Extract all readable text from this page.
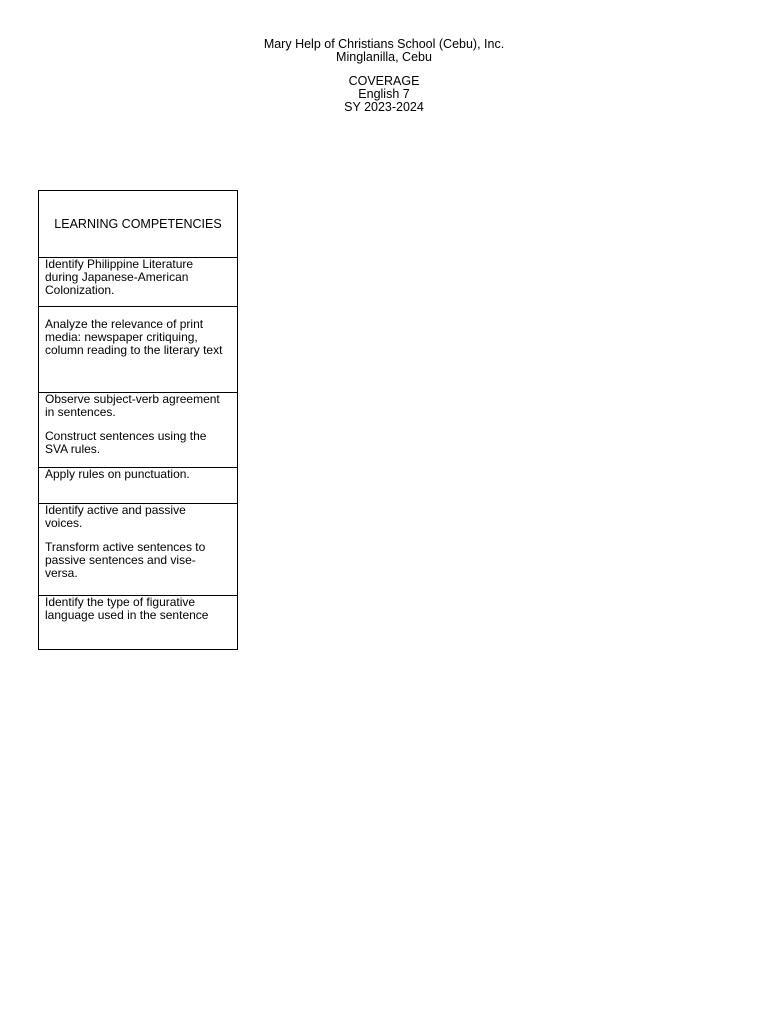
Mary Help of Christians School (Cebu), Inc.
Minglanilla, Cebu
COVERAGE
English 7
SY 2023-2024
LEARNING COMPETENCIES

Identify Philippine Literature
during Japanese-American
Colonization.

Analyze the relevance of print
media: newspaper critiquing,
column reading to the literary text

Observe subject-verb agreement
in sentences.
Construct sentences using the
SVA rules.

Apply rules on punctuation.

Identify active and passive
voices.
Transform active sentences to
passive sentences and vise-
versa.

Identify the type of figurative
language used in the sentence
